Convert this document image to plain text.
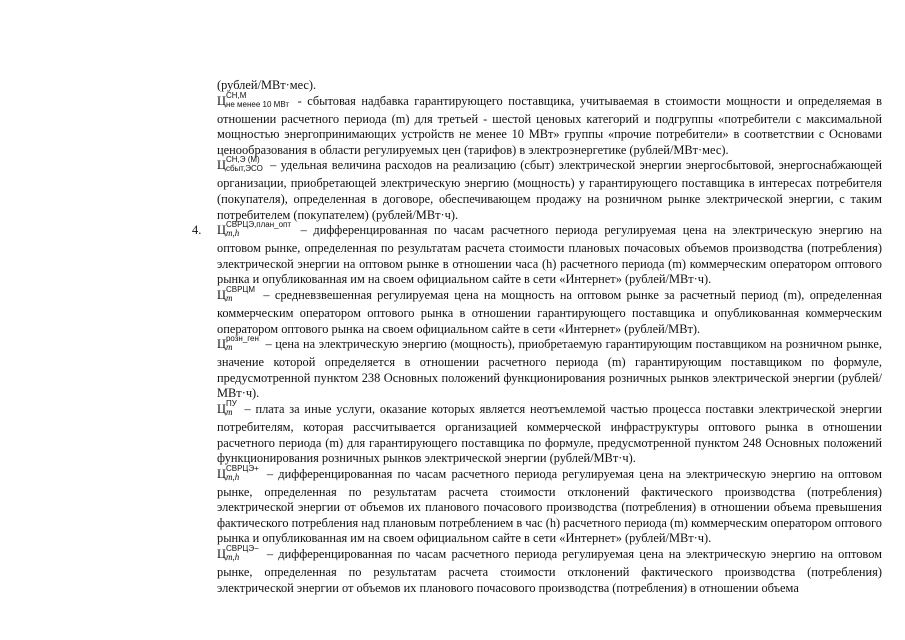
(рублей/МВт·мес).

Ц СН,М
не менее 10 МВт - сбытовая надбавка гарантирующего поставщика, учитываемая в стоимости мощности и определяемая в отношении расчетного периода (m) для третьей - шестой ценовых категорий и подгруппы «потребители с максимальной мощностью энергопринимающих устройств не менее 10 МВт» группы «прочие потребители» в соответствии с Основами ценообразования в области регулируемых цен (тарифов) в электроэнергетике (рублей/МВт·мес).

Ц СН,Э (М)
сбыт,ЭСО – удельная величина расходов на реализацию (сбыт) электрической энергии энергосбытовой, энергоснабжающей организации, приобретающей электрическую энергию (мощность) у гарантирующего поставщика в интересах потребителя (покупателя), определенная в договоре, обеспечивающем продажу на розничном рынке электрической энергии, с таким потребителем (покупателем) (рублей/МВт·ч).

4. Ц СВРЦЭ,план_опт
m,h	– дифференцированная по часам расчетного периода регулируемая цена на электрическую энергию на оптовом рынке, определенная по результатам расчета стоимости плановых почасовых объемов производства (потребления) электрической энергии на оптовом рынке в отношении часа (h) расчетного периода (m) коммерческим оператором оптового рынка и опубликованная им на своем официальном сайте в сети «Интернет» (рублей/МВт·ч).

Ц СВРЦМ
m	– средневзвешенная регулируемая цена на мощность на оптовом рынке за расчетный период (m), определенная коммерческим оператором оптового рынка в отношении гарантирующего поставщика и опубликованная коммерческим оператором оптового рынка на своем официальном сайте в сети «Интернет» (рублей/МВт).

Ц розн_ген
m	– цена на электрическую энергию (мощность), приобретаемую гарантирующим поставщиком на розничном рынке, значение которой определяется в отношении расчетного периода (m) гарантирующим поставщиком по формуле, предусмотренной пунктом 238 Основных положений функционирования розничных рынков электрической энергии (рублей/МВт·ч).

Ц ПУ
m – плата за иные услуги, оказание которых является неотъемлемой частью процесса поставки электрической энергии потребителям, которая рассчитывается организацией коммерческой инфраструктуры оптового рынка в отношении расчетного периода (m) для гарантирующего поставщика по формуле, предусмотренной пунктом 248 Основных положений функционирования розничных рынков электрической энергии (рублей/МВт·ч).

Ц СВРЦЭ+
m,h	– дифференцированная по часам расчетного периода регулируемая цена на электрическую энергию на оптовом рынке, определенная по результатам расчета стоимости отклонений фактического производства (потребления) электрической энергии от объемов их планового почасового производства (потребления) в отношении объема превышения фактического потребления над плановым потреблением в час (h) расчетного периода (m) коммерческим оператором оптового рынка и опубликованная им на своем официальном сайте в сети «Интернет» (рублей/МВт·ч).

Ц СВРЦЭ−
m,h	– дифференцированная по часам расчетного периода регулируемая цена на электрическую энергию на оптовом рынке, определенная по результатам расчета стоимости отклонений фактического производства (потребления) электрической энергии от объемов их планового почасового производства (потребления) в отношении объема
